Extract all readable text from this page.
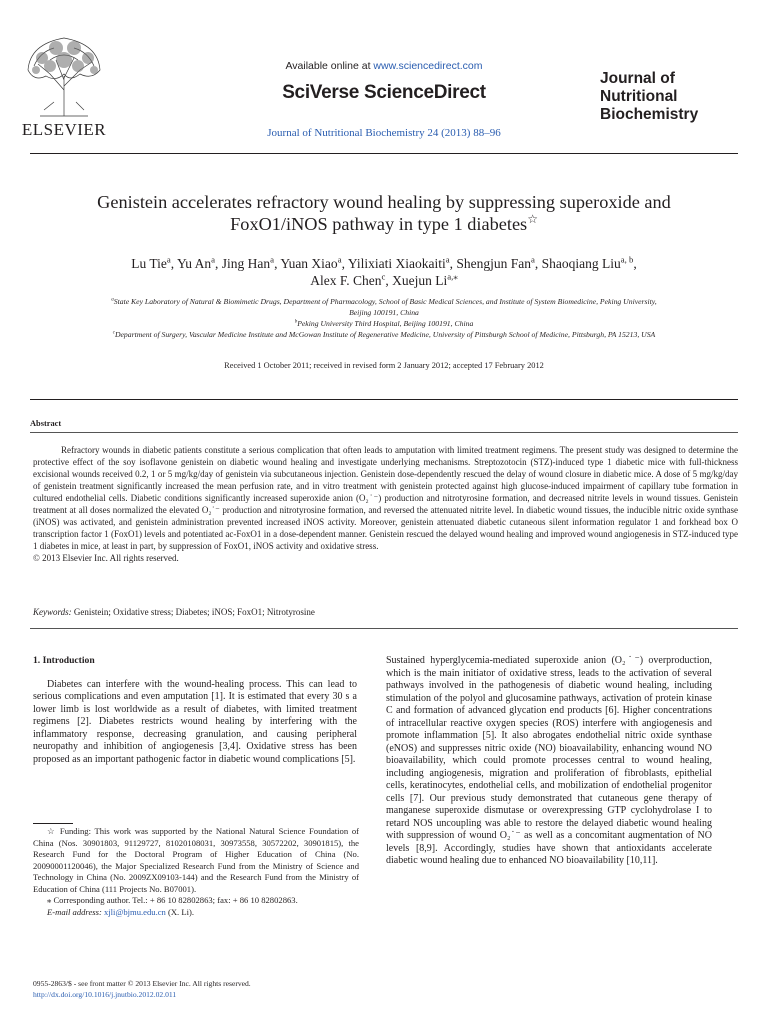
ELSEVIER
Available online at www.sciencedirect.com
SciVerse ScienceDirect
Journal of Nutritional Biochemistry 24 (2013) 88–96
Journal of
Nutritional
Biochemistry
Genistein accelerates refractory wound healing by suppressing superoxide and
FoxO1/iNOS pathway in type 1 diabetes☆
Lu Tie$^a$, Yu An$^a$, Jing Han$^a$, Yuan Xiao$^a$, Yilixiati Xiaokaiti$^a$, Shengjun Fan$^a$, Shaoqiang Liu$^{a, b}$,
Alex F. Chen$^c$, Xuejun $Li^{a,⁎}$
$^a$State Key Laboratory of Natural & Biomimetic Drugs, Department of Pharmacology, School of Basic Medical Sciences, and Institute of System Biomedicine, Peking University,
Beijing 100191, China
$^b$Peking University Third Hospital, Beijing 100191, China
$^c$Department of Surgery, Vascular Medicine Institute and McGowan Institute of Regenerative Medicine, University of Pittsburgh School of Medicine, Pittsburgh, PA 15213, USA
Received 1 October 2011; received in revised form 2 January 2012; accepted 17 February 2012
Abstract

Refractory wounds in diabetic patients constitute a serious complication that often leads to amputation with limited treatment regimens. The present study was designed to determine the protective effect of the soy isoflavone genistein on diabetic wound healing and investigate underlying mechanisms. Streptozotocin (STZ)-induced type 1 diabetic mice with full-thickness excisional wounds received 0.2, 1 or 5 mg/kg/day of genistein via subcutaneous injection. Genistein dose-dependently rescued the delay of wound closure in diabetic mice. A dose of 5 mg/kg/day of genistein treatment significantly increased the mean perfusion rate, and in vitro treatment with genistein protected against high glucose-induced impairment of capillary tube formation in cultured endothelial cells. Diabetic conditions significantly increased superoxide anion (O₂˙⁻) production and nitrotyrosine formation, and decreased nitrite levels in wound tissues. Genistein treatment at all doses normalized the elevated O₂˙⁻ production and nitrotyrosine formation, and reversed the attenuated nitrite level. In diabetic wound tissues, the inducible nitric oxide synthase (iNOS) was activated, and genistein administration prevented increased iNOS activity. Moreover, genistein attenuated diabetic cutaneous silent information regulator 1 and forkhead box O transcription factor 1 (FoxO1) levels and potentiated ac-FoxO1 in a dose-dependent manner. Genistein rescued the delayed wound healing and improved wound angiogenesis in STZ-induced type 1 diabetes in mice, at least in part, by suppression of FoxO1, iNOS activity and oxidative stress.

© 2013 Elsevier Inc. All rights reserved.

Keywords: Genistein; Oxidative stress; Diabetes; iNOS; FoxO1; Nitrotyrosine
1. Introduction

Diabetes can interfere with the wound-healing process. This can lead to serious complications and even amputation [1]. It is estimated that every 30 s a lower limb is lost worldwide as a result of diabetes, with limited treatment regimens [2]. Diabetes restricts wound healing by interfering with the inflammatory response, decreasing granulation, and causing peripheral neuropathy and inhibition of angiogenesis [3,4]. Oxidative stress has been proposed as an important pathogenic factor in diabetic wound complications [5].

Sustained hyperglycemia-mediated superoxide anion (O₂˙⁻) overproduction, which is the main initiator of oxidative stress, leads to the activation of several pathways involved in the pathogenesis of diabetic wound healing, including stimulation of the polyol and glucosamine pathways, activation of protein kinase C and formation of advanced glycation end products [6]. Higher concentrations of intracellular reactive oxygen species (ROS) interfere with angiogenesis and promote inflammation [5]. It also abrogates endothelial nitric oxide synthase (eNOS) and suppresses nitric oxide (NO) bioavailability, enhancing wound NO bioavailability, which could promote processes central to wound healing, including angiogenesis, migration and proliferation of fibroblasts, epithelial cells, keratinocytes, endothelial cells, and mobilization of endothelial progenitor cells [7]. Our previous study demonstrated that cutaneous gene therapy of manganese superoxide dismutase or overexpressing GTP cyclohydrolase I to retard NOS uncoupling was able to restore the delayed diabetic wound healing with suppression of wound O₂˙⁻ as well as a concomitant augmentation of NO levels [8,9]. Accordingly, studies have shown that antioxidants accelerate diabetic wound healing due to enhanced NO bioavailability [10,11].

☆ Funding: This work was supported by the National Natural Science Foundation of China (Nos. 30901803, 91129727, 81020108031, 30973558, 30572202, 30901815), the Research Fund for the Doctoral Program of Higher Education of China (No. 20090001120046), the Major Specialized Research Fund from the Ministry of Science and Technology in China (No. 2009ZX09103-144) and the Research Fund from the Ministry of Education of China (111 Projects No. B07001).

⁎ Corresponding author. Tel.: + 86 10 82802863; fax: + 86 10 82802863.

E-mail address: xjli@bjmu.edu.cn (X. Li).

0955-2863/$ - see front matter © 2013 Elsevier Inc. All rights reserved.
http://dx.doi.org/10.1016/j.jnutbio.2012.02.011
